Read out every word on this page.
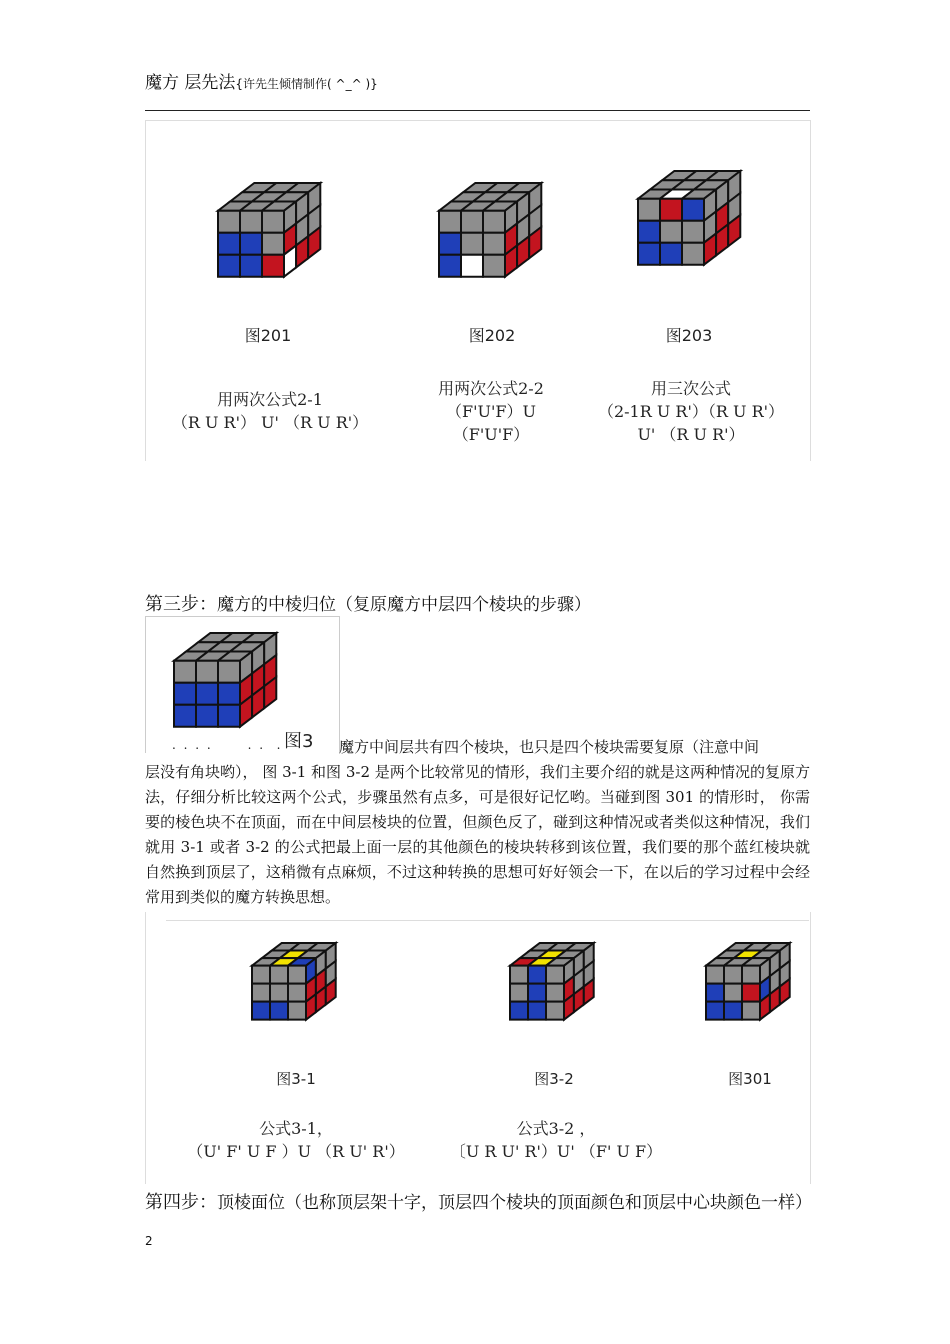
魔方 层先法{许先生倾情制作( ^_^ )}
图201	图202	图203
用两次公式2-1
（R U R'） U' （R U R'）
用两次公式2-2
（F'U'F）U
（F'U'F）
用三次公式
（2-1R U R'）（R U R'）
U' （R U R'）
第三步：魔方的中棱归位（复原魔方中层四个棱块的步骤）
图3
. . . .      . .  .	魔方中间层共有四个棱块，也只是四个棱块需要复原（注意中间
层没有角块哟）， 图 3-1 和图 3-2 是两个比较常见的情形，我们主要介绍的就是这两种情况的复原方法，仔细分析比较这两个公式，步骤虽然有点多，可是很好记忆哟。当碰到图 301 的情形时， 你需要的棱色块不在顶面，而在中间层棱块的位置，但颜色反了，碰到这种情况或者类似这种情况，我们就用 3-1 或者 3-2 的公式把最上面一层的其他颜色的棱块转移到该位置，我们要的那个蓝红棱块就自然换到顶层了，这稍微有点麻烦，不过这种转换的思想可好好领会一下，在以后的学习过程中会经常用到类似的魔方转换思想。
图3-1	图3-2	图301
公式3-1，
（U' F' U F ）U （R U' R'）
公式3-2 ，
〔U R U' R'）U' （F' U F）
第四步：顶棱面位（也称顶层架十字，顶层四个棱块的顶面颜色和顶层中心块颜色一样）
2
